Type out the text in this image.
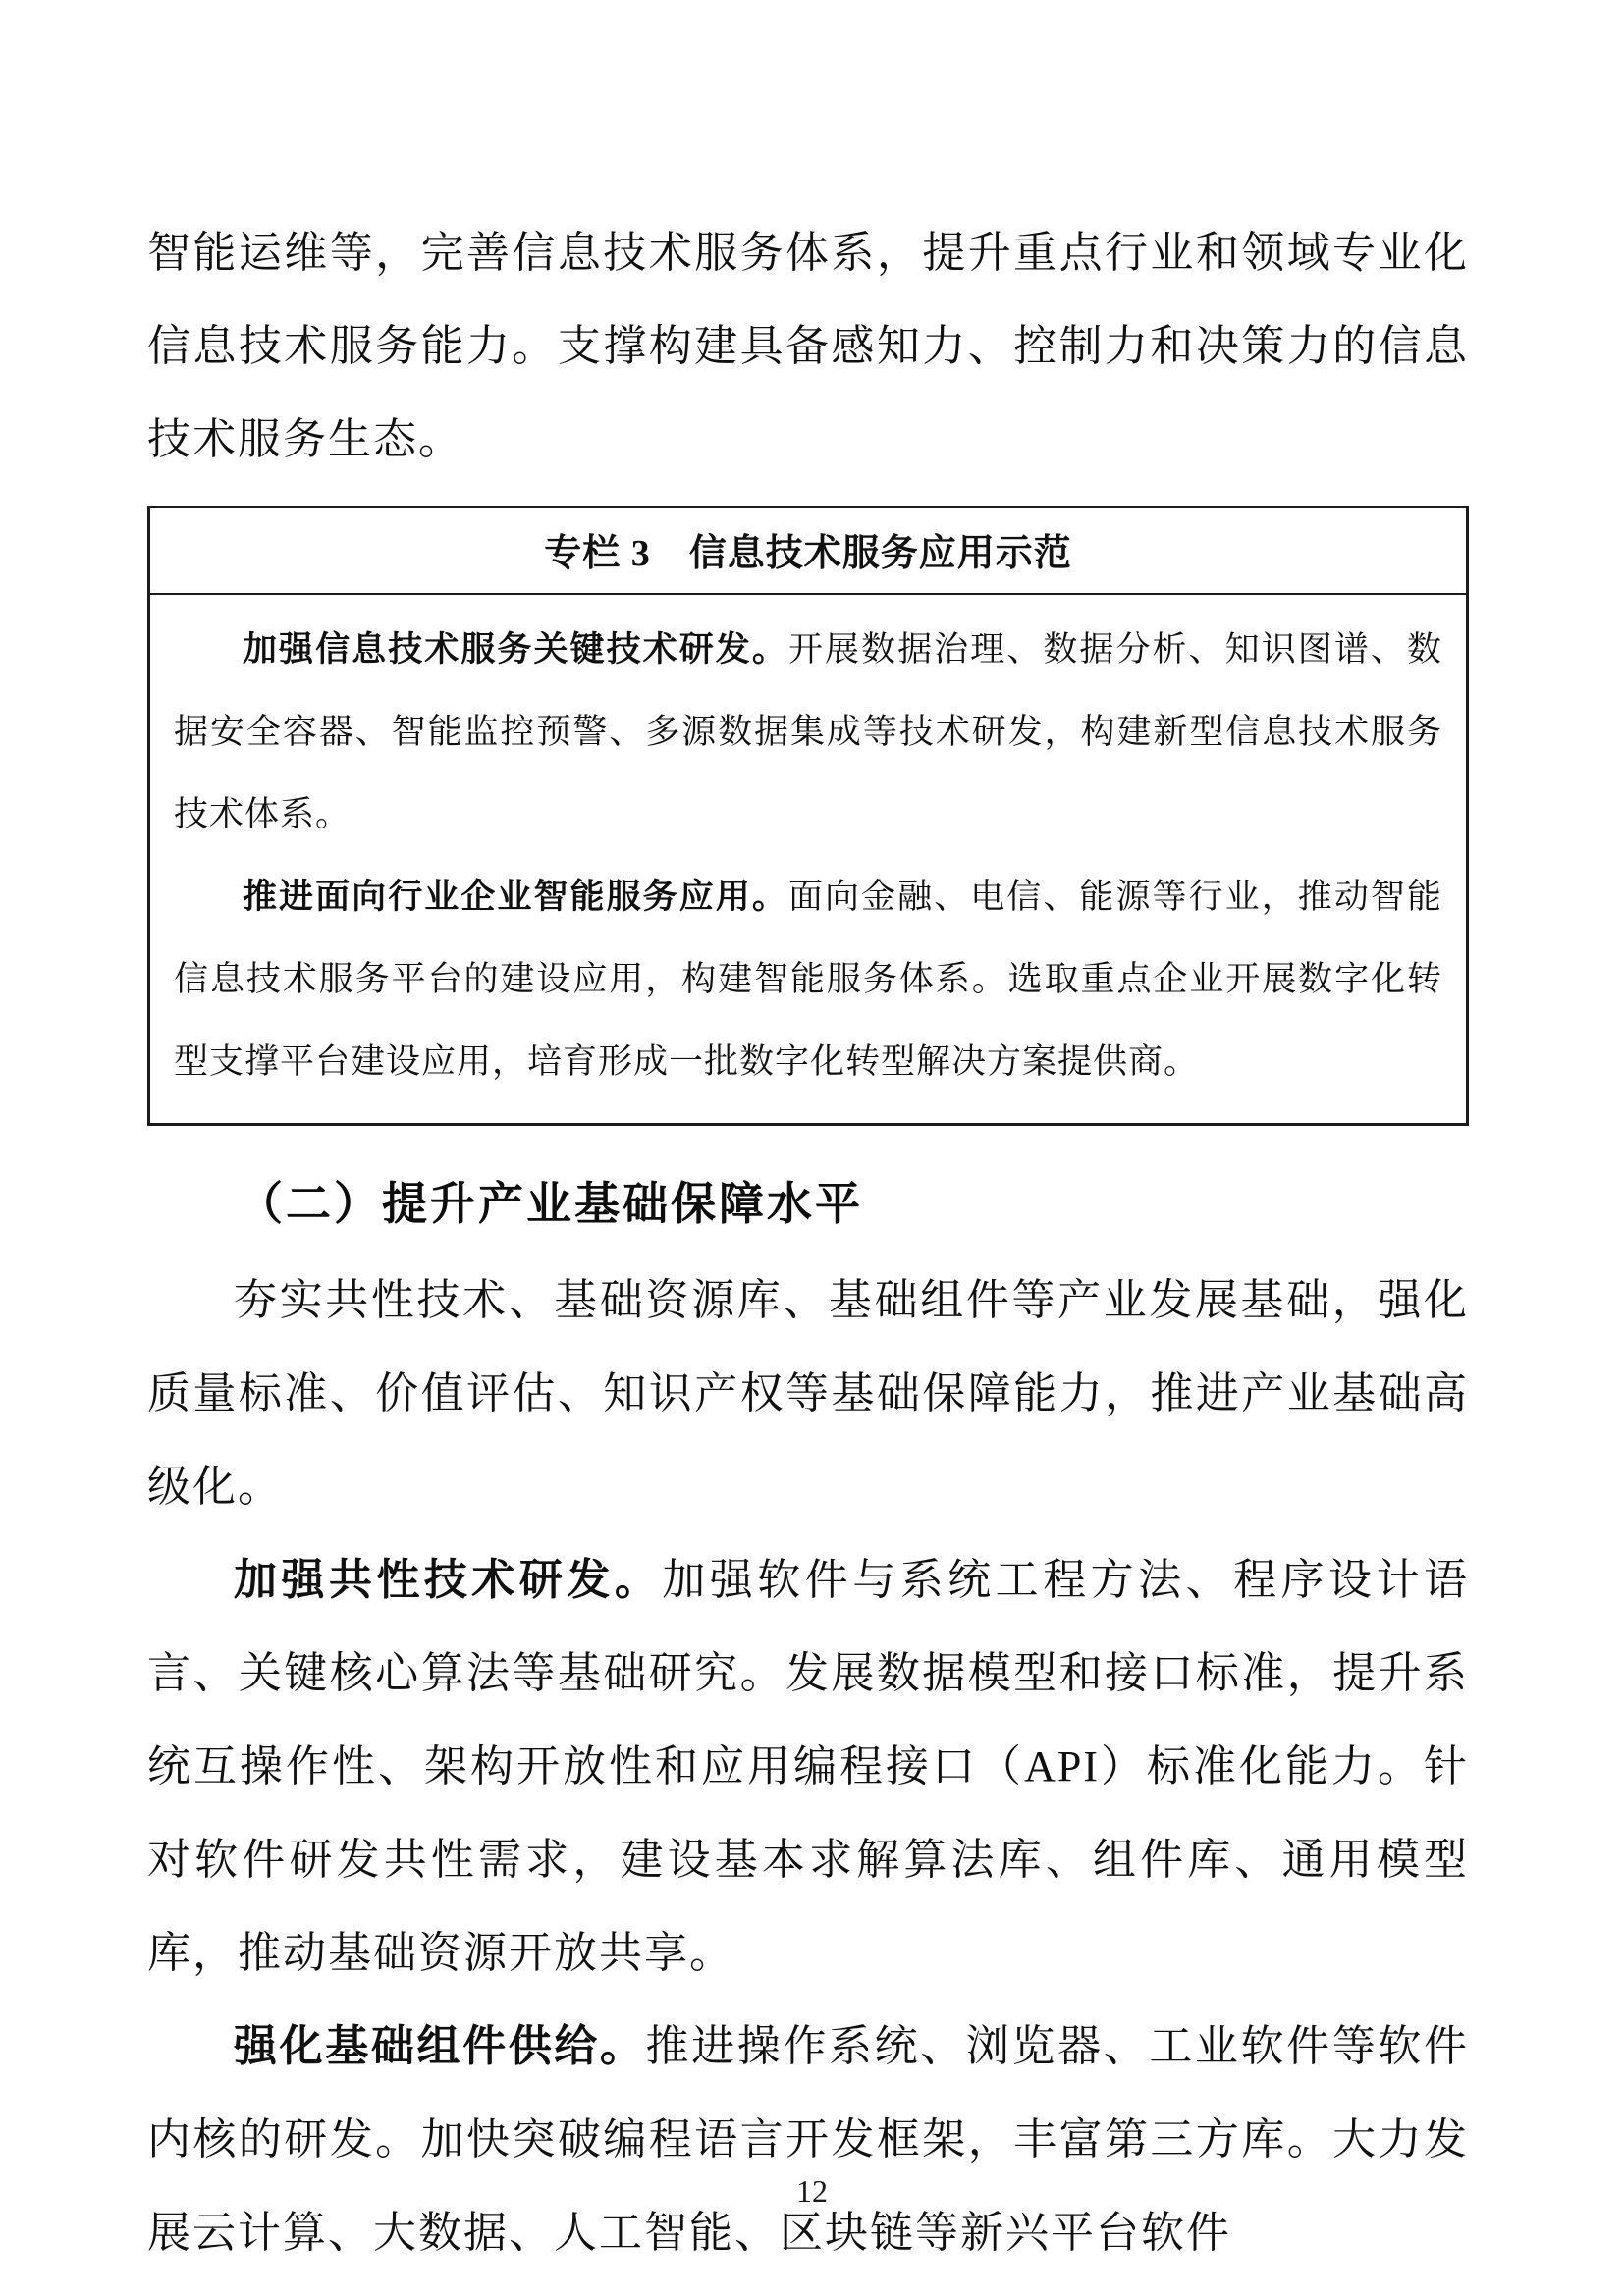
智能运维等，完善信息技术服务体系，提升重点行业和领域专业化信息技术服务能力。支撑构建具备感知力、控制力和决策力的信息技术服务生态。

专栏 3　信息技术服务应用示范

加强信息技术服务关键技术研发。开展数据治理、数据分析、知识图谱、数据安全容器、智能监控预警、多源数据集成等技术研发，构建新型信息技术服务技术体系。

推进面向行业企业智能服务应用。面向金融、电信、能源等行业，推动智能信息技术服务平台的建设应用，构建智能服务体系。选取重点企业开展数字化转型支撑平台建设应用，培育形成一批数字化转型解决方案提供商。

（二）提升产业基础保障水平

夯实共性技术、基础资源库、基础组件等产业发展基础，强化质量标准、价值评估、知识产权等基础保障能力，推进产业基础高级化。

加强共性技术研发。加强软件与系统工程方法、程序设计语言、关键核心算法等基础研究。发展数据模型和接口标准，提升系统互操作性、架构开放性和应用编程接口（API）标准化能力。针对软件研发共性需求，建设基本求解算法库、组件库、通用模型库，推动基础资源开放共享。

强化基础组件供给。推进操作系统、浏览器、工业软件等软件内核的研发。加快突破编程语言开发框架，丰富第三方库。大力发展云计算、大数据、人工智能、区块链等新兴平台软件

12
